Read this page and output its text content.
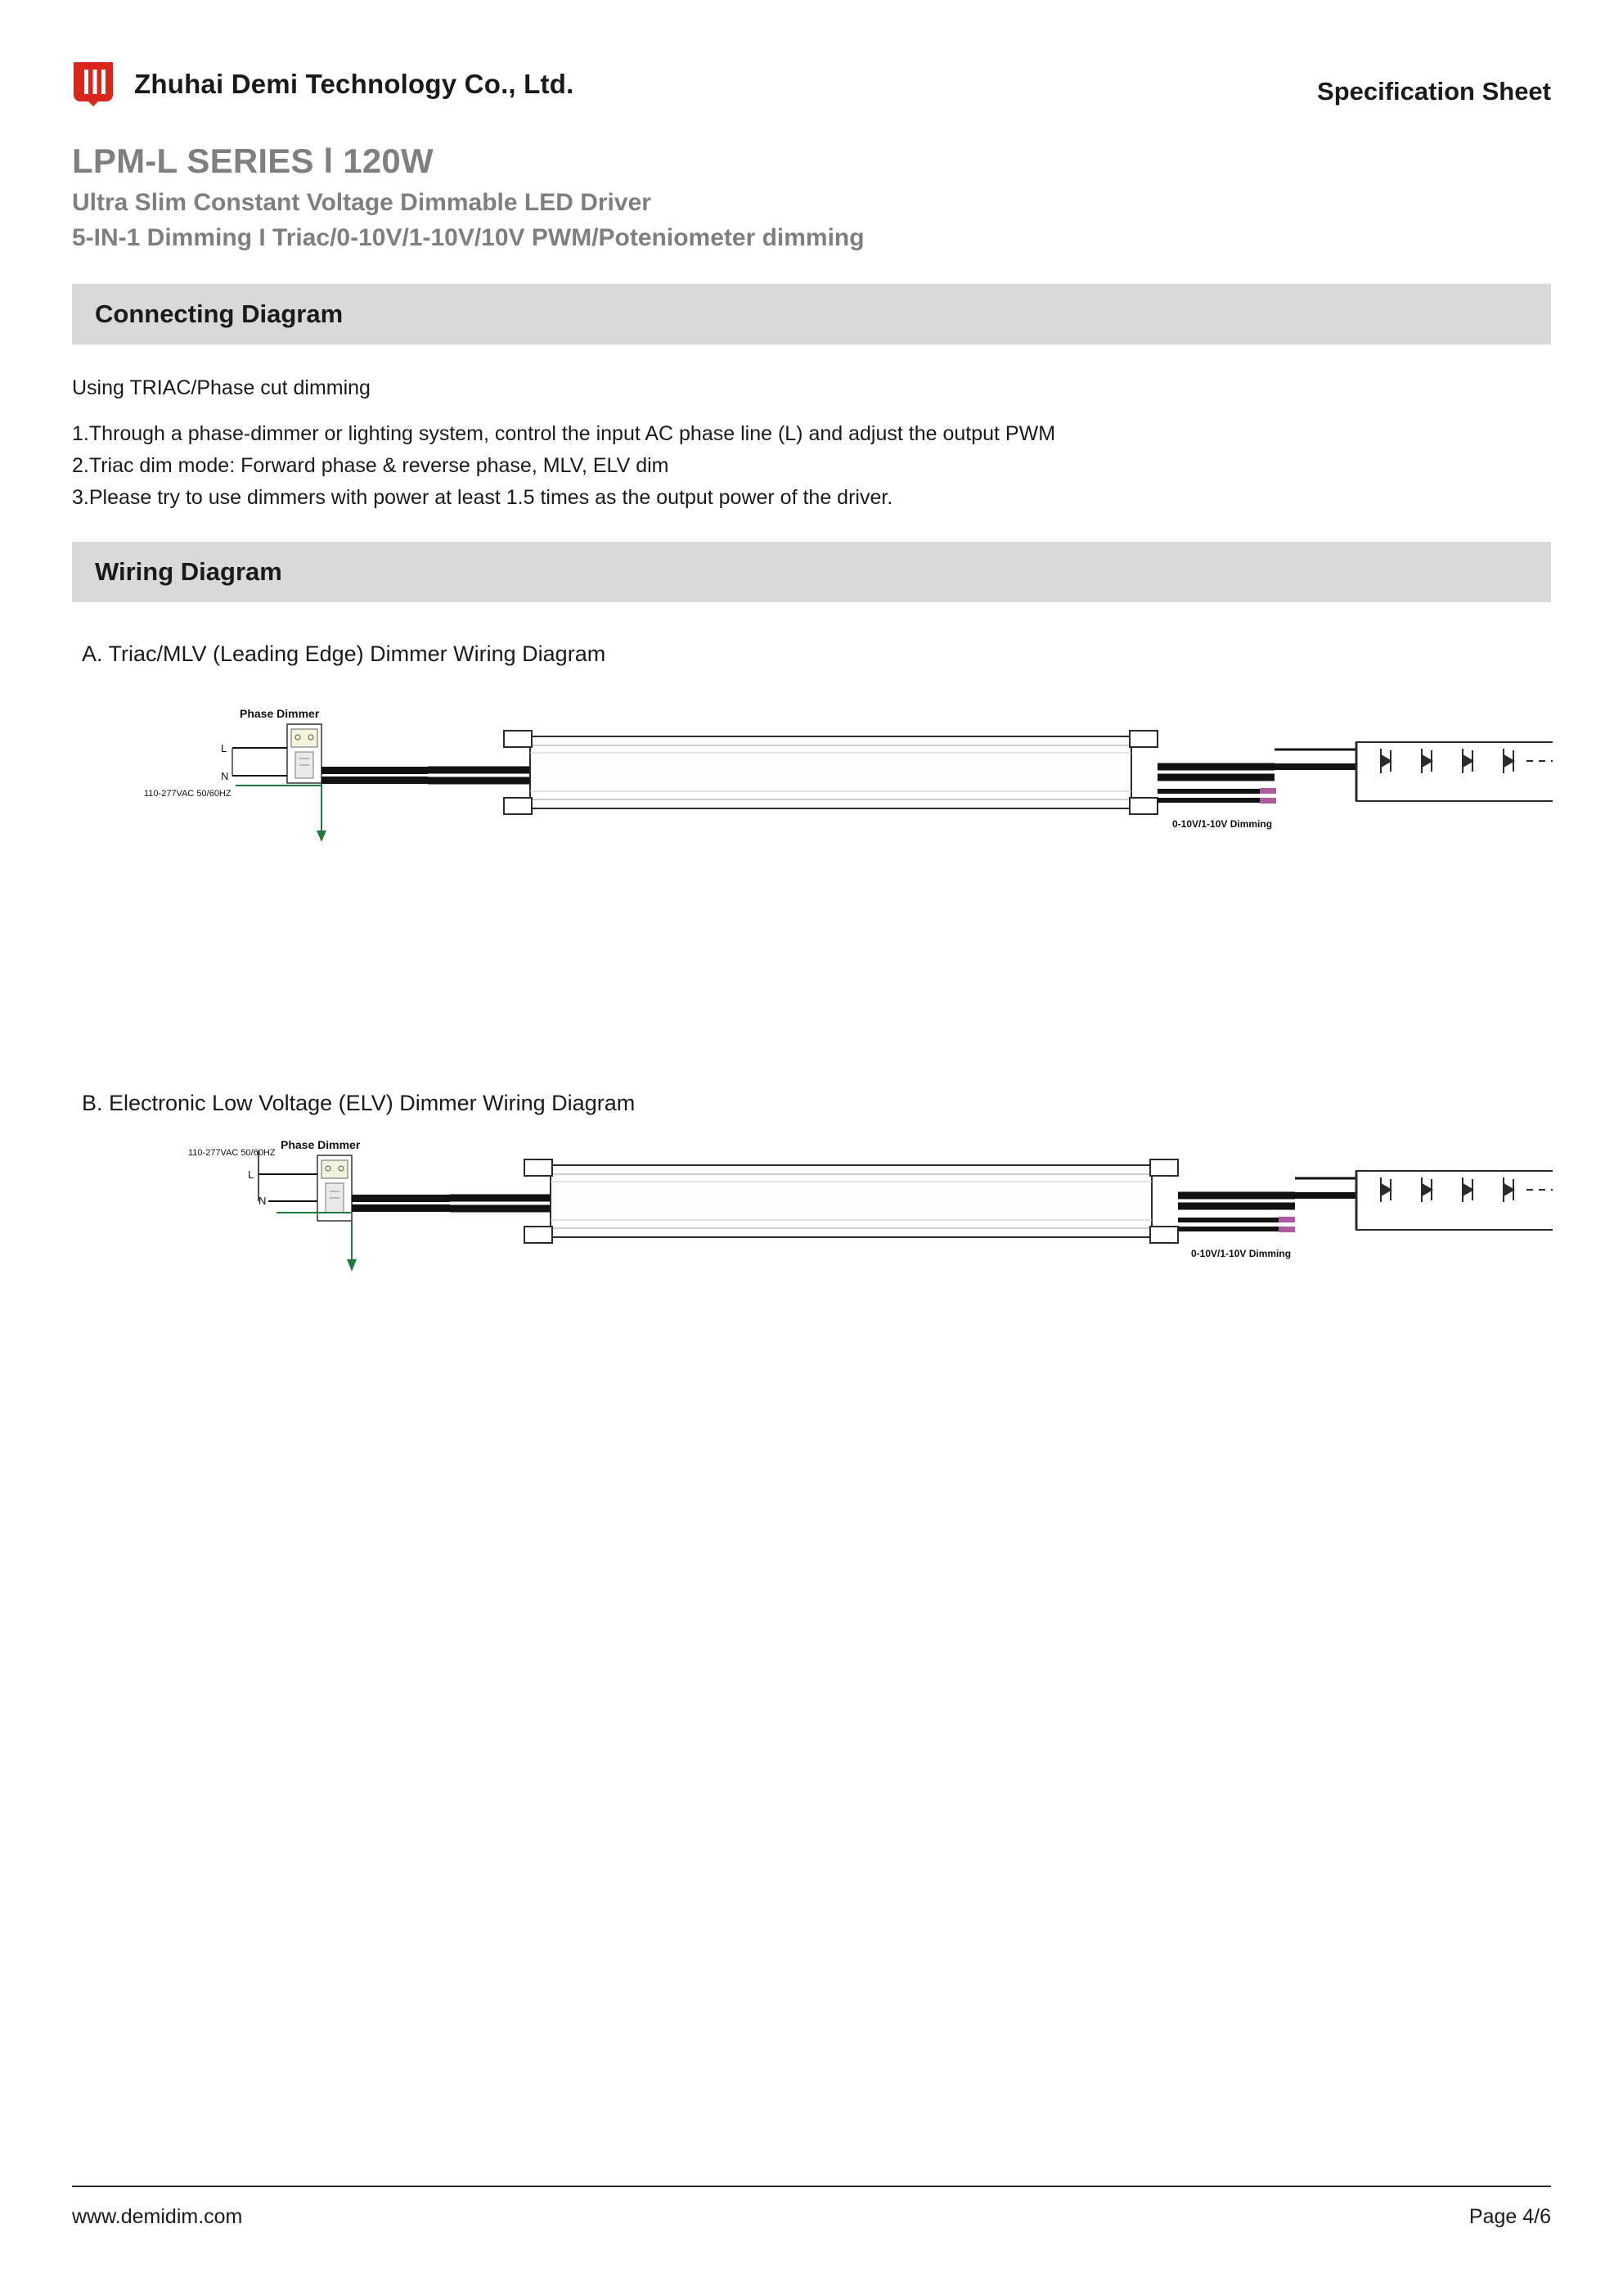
Zhuhai Demi Technology Co., Ltd.	Specification Sheet
LPM-L SERIES l 120W
Ultra Slim Constant Voltage Dimmable LED Driver
5-IN-1 Dimming I Triac/0-10V/1-10V/10V PWM/Poteniometer dimming
Connecting Diagram
Using TRIAC/Phase cut dimming
1.Through a phase-dimmer or lighting system, control the input AC phase line (L) and adjust the output PWM
2.Triac dim mode: Forward phase & reverse phase, MLV, ELV dim
3.Please try to use dimmers with power at least 1.5 times as the output power of the driver.
Wiring Diagram
A. Triac/MLV (Leading Edge) Dimmer Wiring Diagram
Phase Dimmer
L
N
110-277VAC 50/60HZ
0-10V/1-10V Dimming
B. Electronic Low Voltage (ELV) Dimmer Wiring Diagram
Phase Dimmer
110-277VAC 50/60HZ
L
N
0-10V/1-10V Dimming
www.demidim.com	Page 4/6
